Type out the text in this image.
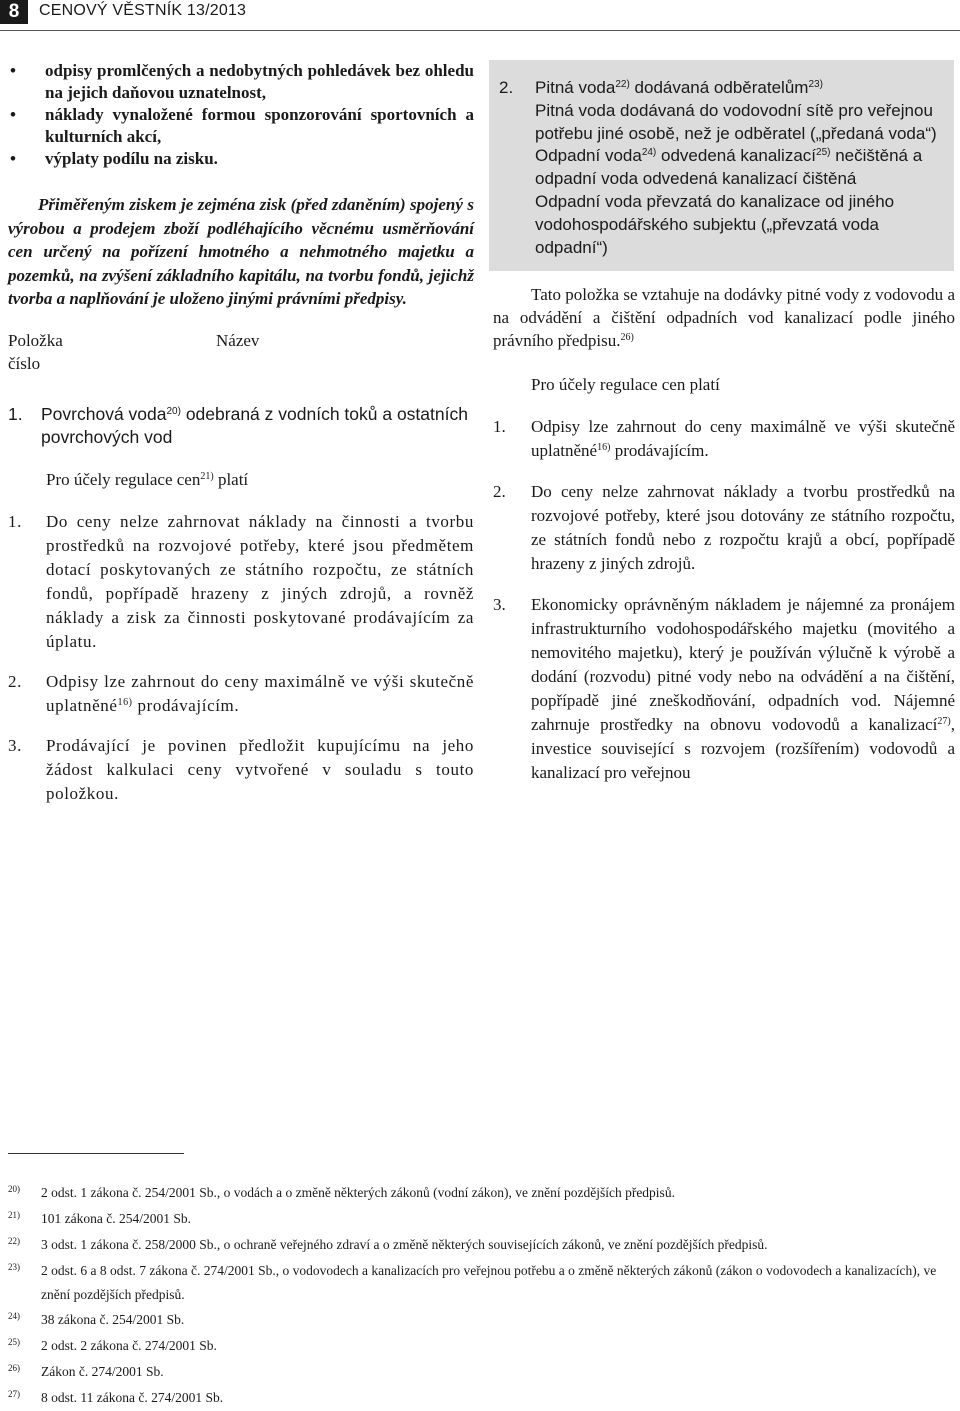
8	CENOVÝ VĚSTNÍK 13/2013
• odpisy promlčených a nedobytných pohledávek bez ohledu na jejich daňovou uznatelnost,
• náklady vynaložené formou sponzorování sportovních a kulturních akcí,
• výplaty podílu na zisku.

Přiměřeným ziskem je zejména zisk (před zdaněním) spojený s výrobou a prodejem zboží podléhajícího věcnému usměrňování cen určený na pořízení hmotného a nehmotného majetku a pozemků, na zvýšení základního kapitálu, na tvorbu fondů, jejichž tvorba a naplňování je uloženo jinými právními předpisy.

Položka
číslo
Název
1. Povrchová voda$^{20)}$ odebraná z vodních toků a ostatních povrchových vod
Pro účely regulace cen$^{21)}$ platí
1. Do ceny nelze zahrnovat náklady na činnosti a tvorbu prostředků na rozvojové potřeby, které jsou předmětem dotací poskytovaných ze státního rozpočtu, ze státních fondů, popřípadě hrazeny z jiných zdrojů, a rovněž náklady a zisk za činnosti poskytované prodávajícím za úplatu.
2. Odpisy lze zahrnout do ceny maximálně ve výši skutečně uplatněné$^{16)}$ prodávajícím.
3. Prodávající je povinen předložit kupujícímu na jeho žádost kalkulaci ceny vytvořené v souladu s touto položkou.
2. Pitná voda$^{22)}$ dodávaná odběratelům$^{23)}$
Pitná voda dodávaná do vodovodní sítě pro veřejnou potřebu jiné osobě, než je odběratel („předaná voda“)
Odpadní voda$^{24)}$ odvedená kanalizací$^{25)}$ nečištěná a odpadní voda odvedená kanalizací čištěná
Odpadní voda převzatá do kanalizace od jiného vodohospodářského subjektu („převzatá voda odpadní“)

Tato položka se vztahuje na dodávky pitné vody z vodovodu a na odvádění a čištění odpadních vod kanalizací podle jiného právního předpisu.$^{26)}$

Pro účely regulace cen platí
1. Odpisy lze zahrnout do ceny maximálně ve výši skutečně uplatněné$^{16)}$ prodávajícím.
2. Do ceny nelze zahrnovat náklady a tvorbu prostředků na rozvojové potřeby, které jsou dotovány ze státního rozpočtu, ze státních fondů nebo z rozpočtu krajů a obcí, popřípadě hrazeny z jiných zdrojů.
3. Ekonomicky oprávněným nákladem je nájemné za pronájem infrastrukturního vodohospodářského majetku (movitého a nemovitého majetku), který je používán výlučně k výrobě a dodání (rozvodu) pitné vody nebo na odvádění a na čištění, popřípadě jiné zneškodňování, odpadních vod. Nájemné zahrnuje prostředky na obnovu vodovodů a kanalizací$^{27)}$, investice související s rozvojem (rozšířením) vodovodů a kanalizací pro veřejnou
20) 2 odst. 1 zákona č. 254/2001 Sb., o vodách a o změně některých zákonů (vodní zákon), ve znění pozdějších předpisů.
21) 101 zákona č. 254/2001 Sb.
22) 3 odst. 1 zákona č. 258/2000 Sb., o ochraně veřejného zdraví a o změně některých souvisejících zákonů, ve znění pozdějších předpisů.
23) 2 odst. 6 a 8 odst. 7 zákona č. 274/2001 Sb., o vodovodech a kanalizacích pro veřejnou potřebu a o změně některých zákonů (zákon o vodovodech a kanalizacích), ve znění pozdějších předpisů.
24) 38 zákona č. 254/2001 Sb.
25) 2 odst. 2 zákona č. 274/2001 Sb.
26) Zákon č. 274/2001 Sb.
27) 8 odst. 11 zákona č. 274/2001 Sb.
